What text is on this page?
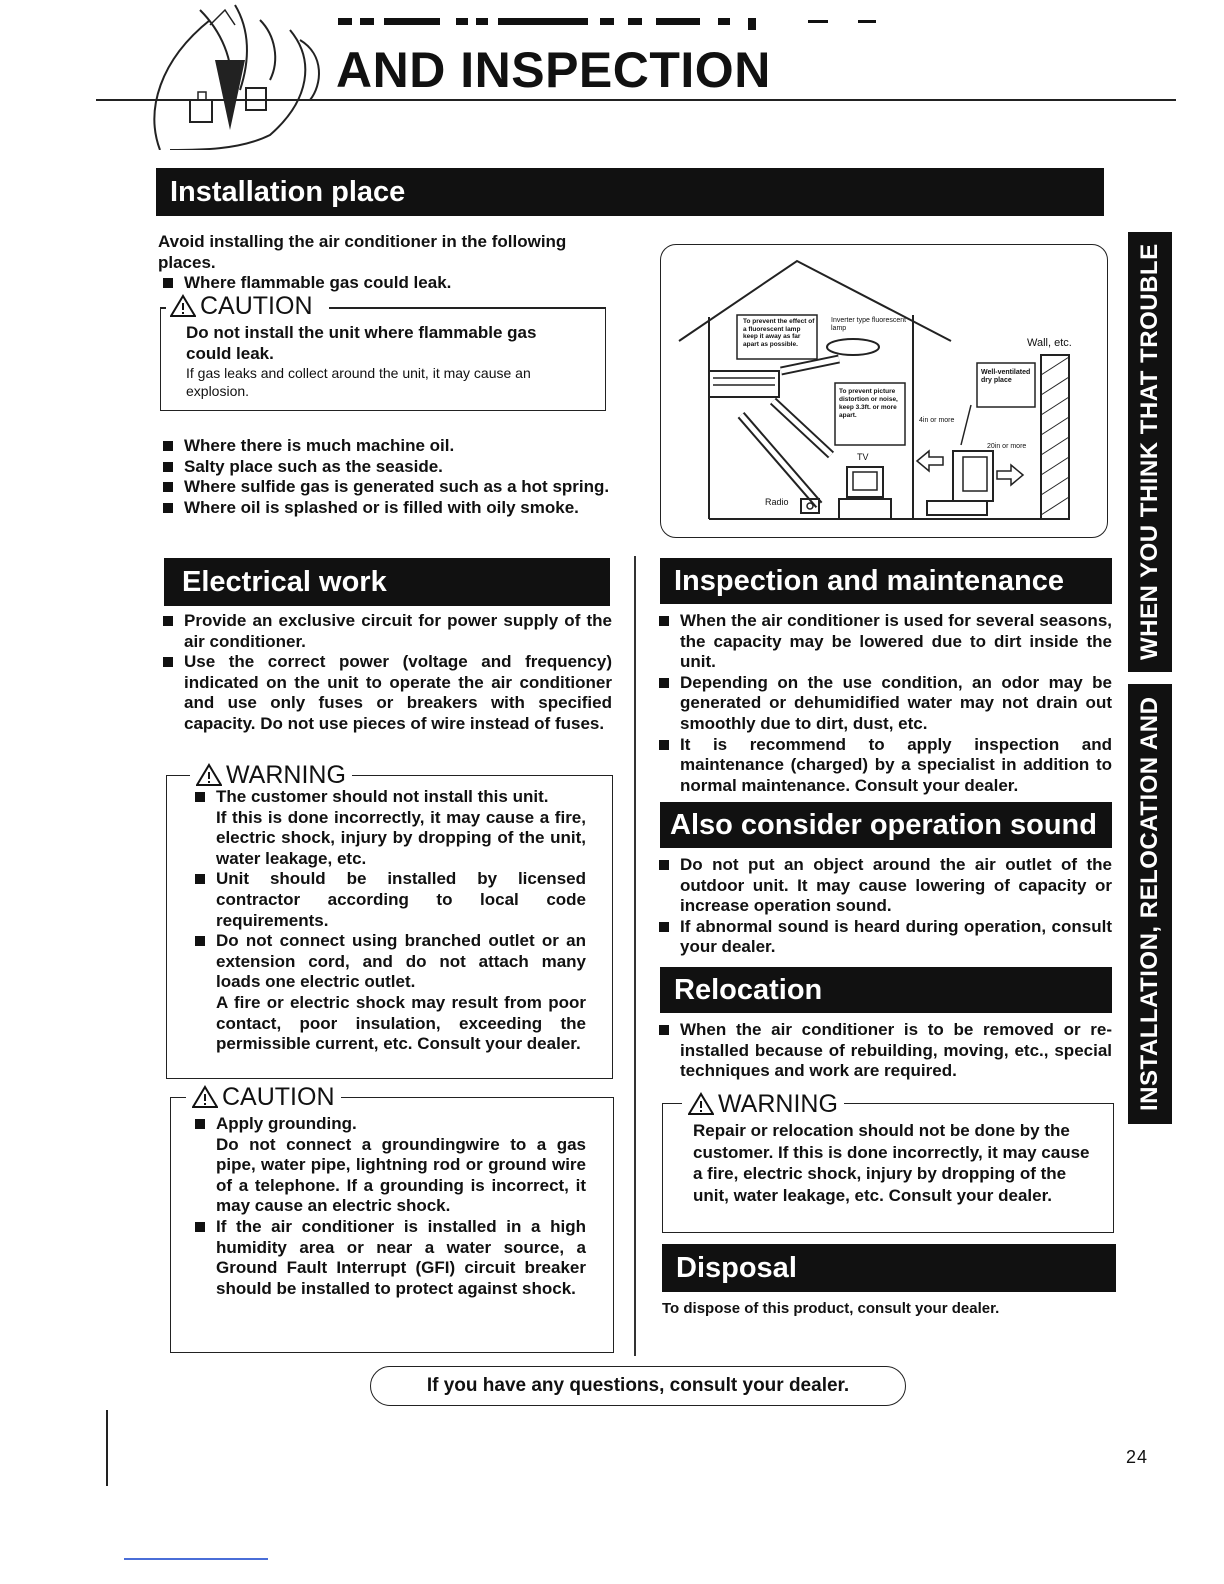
AND INSPECTION
Installation place
Avoid installing the air conditioner in the following places.
Where flammable gas could leak.
CAUTION
Do not install the unit where flammable gas could leak.
If gas leaks and collect around the unit, it may cause an explosion.
Where there is much machine oil.
Salty place such as the seaside.
Where sulfide gas is generated such as a hot spring.
Where oil is splashed or is filled with oily smoke.
To prevent the effect of a fluorescent lamp keep it away as far apart as possible.
Inverter type fluorescent lamp
Wall, etc.
Well-ventilated dry place
To prevent picture distortion or noise, keep 3.3ft. or more apart.
4in or more
20in or more
TV
Radio
Electrical work
Provide an exclusive circuit for power supply of the air conditioner.
Use the correct power (voltage and frequency) indicated on the unit to operate the air conditioner and use only fuses or breakers with specified capacity. Do not use pieces of wire instead of fuses.
WARNING
The customer should not install this unit.
If this is done incorrectly, it may cause a fire, electric shock, injury by dropping of the unit, water leakage, etc.
Unit should be installed by licensed contractor according to local code requirements.
Do not connect using branched outlet or an extension cord, and do not attach many loads one electric outlet.
A fire or electric shock may result from poor contact, poor insulation, exceeding the permissible current, etc. Consult your dealer.
CAUTION
Apply grounding.
Do not connect a groundingwire to a gas pipe, water pipe, lightning rod or ground wire of a telephone. If a grounding is incorrect, it may cause an electric shock.
If the air conditioner is installed in a high humidity area or near a water source, a Ground Fault Interrupt (GFI) circuit breaker should be installed to protect against shock.
Inspection and maintenance
When the air conditioner is used for several seasons, the capacity may be lowered due to dirt inside the unit.
Depending on the use condition, an odor may be generated or dehumidified water may not drain out smoothly due to dirt, dust, etc.
It is recommend to apply inspection and maintenance (charged) by a specialist in addition to normal maintenance. Consult your dealer.
Also consider operation sound
Do not put an object around the air outlet of the outdoor unit. It may cause lowering of capacity or increase operation sound.
If abnormal sound is heard during operation, consult your dealer.
Relocation
When the air conditioner is to be removed or re-installed because of rebuilding, moving, etc., special techniques and work are required.
WARNING
Repair or relocation should not be done by the customer. If this is done incorrectly, it may cause a fire, electric shock, injury by dropping of the unit, water leakage, etc. Consult your dealer.
Disposal
To dispose of this product, consult your dealer.
WHEN YOU THINK THAT TROUBLE
INSTALLATION, RELOCATION AND
If you have any questions, consult your dealer.
24
